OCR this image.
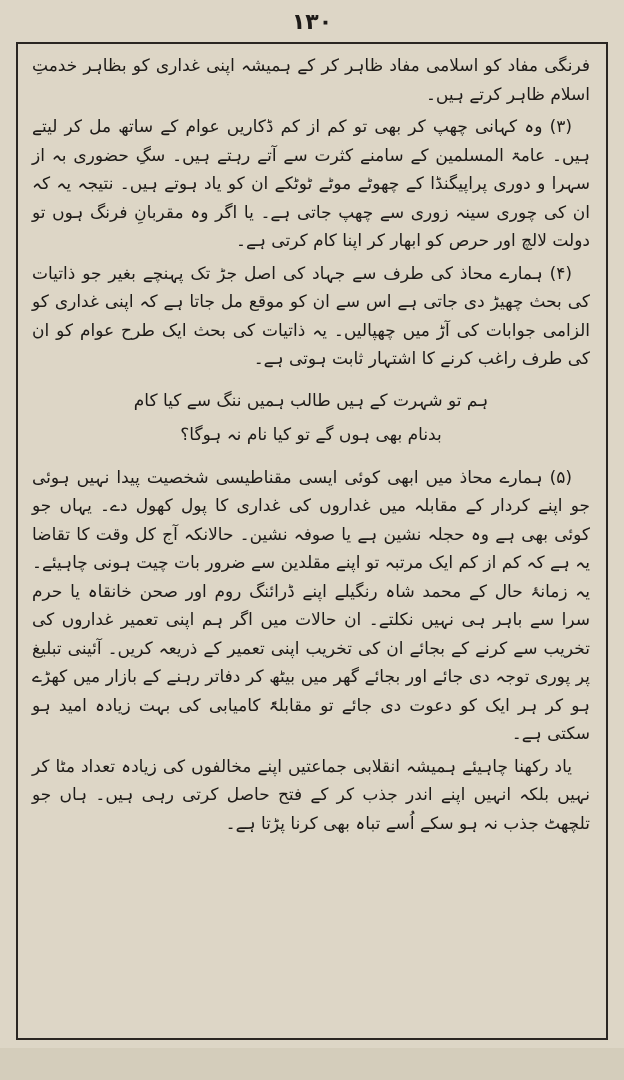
۱۳۰

فرنگی مفاد کو اسلامی مفاد ظاہر کر کے ہمیشہ اپنی غداری کو بظاہر خدمتِ اسلام ظاہر کرتے ہیں۔

(۳) وہ کہانی چھپ کر بھی تو کم از کم ڈکاریں عوام کے ساتھ مل کر لیتے ہیں۔ عامۃ المسلمین کے سامنے کثرت سے آتے رہتے ہیں۔ سگِ حضوری بہ از سہرا و دوری پراپیگنڈا کے چھوٹے موٹے ٹوٹکے ان کو یاد ہوتے ہیں۔ نتیجہ یہ کہ ان کی چوری سینہ زوری سے چھپ جاتی ہے۔ یا اگر وہ مقربانِ فرنگ ہوں تو دولت لالچ اور حرص کو ابھار کر اپنا کام کرتی ہے۔

(۴) ہمارے محاذ کی طرف سے جہاد کی اصل جڑ تک پہنچے بغیر جو ذاتیات کی بحث چھیڑ دی جاتی ہے اس سے ان کو موقع مل جاتا ہے کہ اپنی غداری کو الزامی جوابات کی آڑ میں چھپالیں۔ یہ ذاتیات کی بحث ایک طرح عوام کو ان کی طرف راغب کرنے کا اشتہار ثابت ہوتی ہے۔

ہم تو شہرت کے ہیں طالب ہمیں ننگ سے کیا کام
بدنام بھی ہوں گے تو کیا نام نہ ہوگا؟

(۵) ہمارے محاذ میں ابھی کوئی ایسی مقناطیسی شخصیت پیدا نہیں ہوئی جو اپنے کردار کے مقابلہ میں غداروں کی غداری کا پول کھول دے۔ یہاں جو کوئی بھی ہے وہ حجلہ نشین ہے یا صوفہ نشین۔ حالانکہ آج کل وقت کا تقاضا یہ ہے کہ کم از کم ایک مرتبہ تو اپنے مقلدین سے ضرور بات چیت ہونی چاہیئے۔ یہ زمانۂ حال کے محمد شاہ رنگیلے اپنے ڈرائنگ روم اور صحن خانقاہ یا حرم سرا سے باہر ہی نہیں نکلتے۔ ان حالات میں اگر ہم اپنی تعمیر غداروں کی تخریب سے کرنے کے بجائے ان کی تخریب اپنی تعمیر کے ذریعہ کریں۔ آئینی تبلیغ پر پوری توجہ دی جائے اور بجائے گھر میں بیٹھ کر دفاتر رہنے کے بازار میں کھڑے ہو کر ہر ایک کو دعوت دی جائے تو مقابلۃً کامیابی کی بہت زیادہ امید ہو سکتی ہے۔

یاد رکھنا چاہیئے ہمیشہ انقلابی جماعتیں اپنے مخالفوں کی زیادہ تعداد مٹا کر نہیں بلکہ انہیں اپنے اندر جذب کر کے فتح حاصل کرتی رہی ہیں۔ ہاں جو تلچھٹ جذب نہ ہو سکے اُسے تباہ بھی کرنا پڑتا ہے۔
